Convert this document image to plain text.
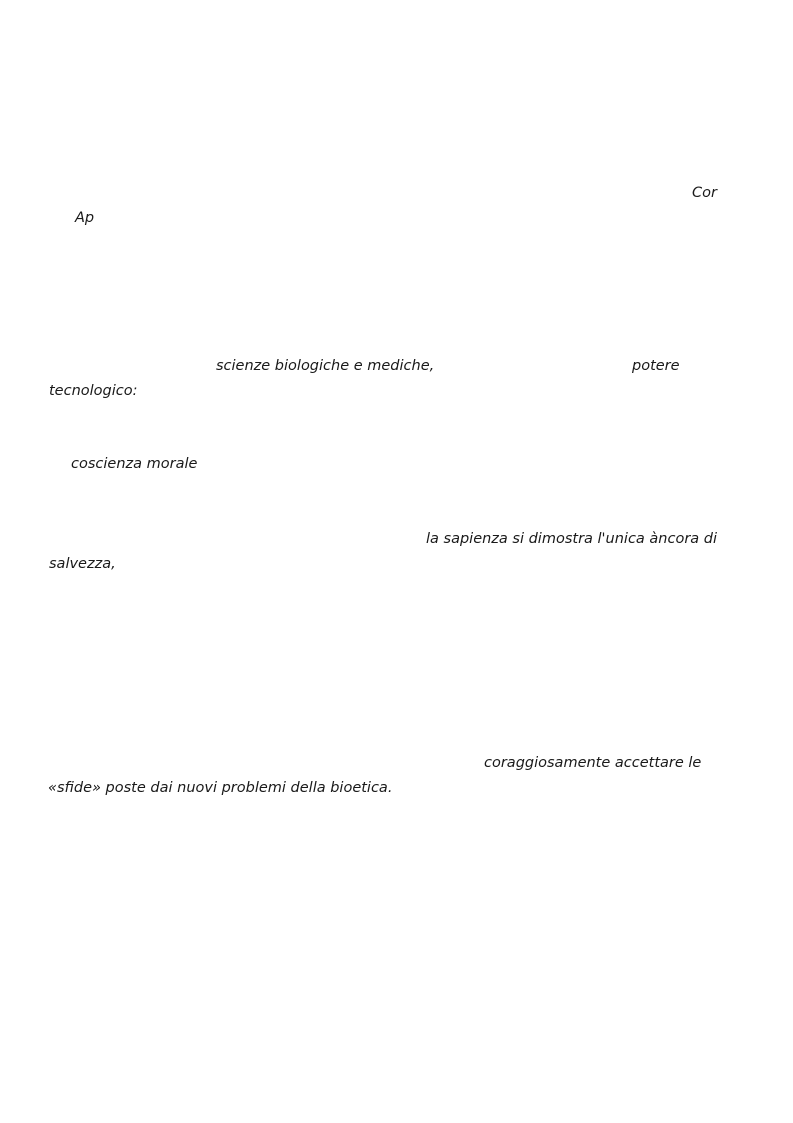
Cor
Ap
scienze biologiche e mediche,	potere
tecnologico:
coscienza morale
la sapienza si dimostra l'unica àncora di
salvezza,
coraggiosamente accettare le
«sfide» poste dai nuovi problemi della bioetica.
